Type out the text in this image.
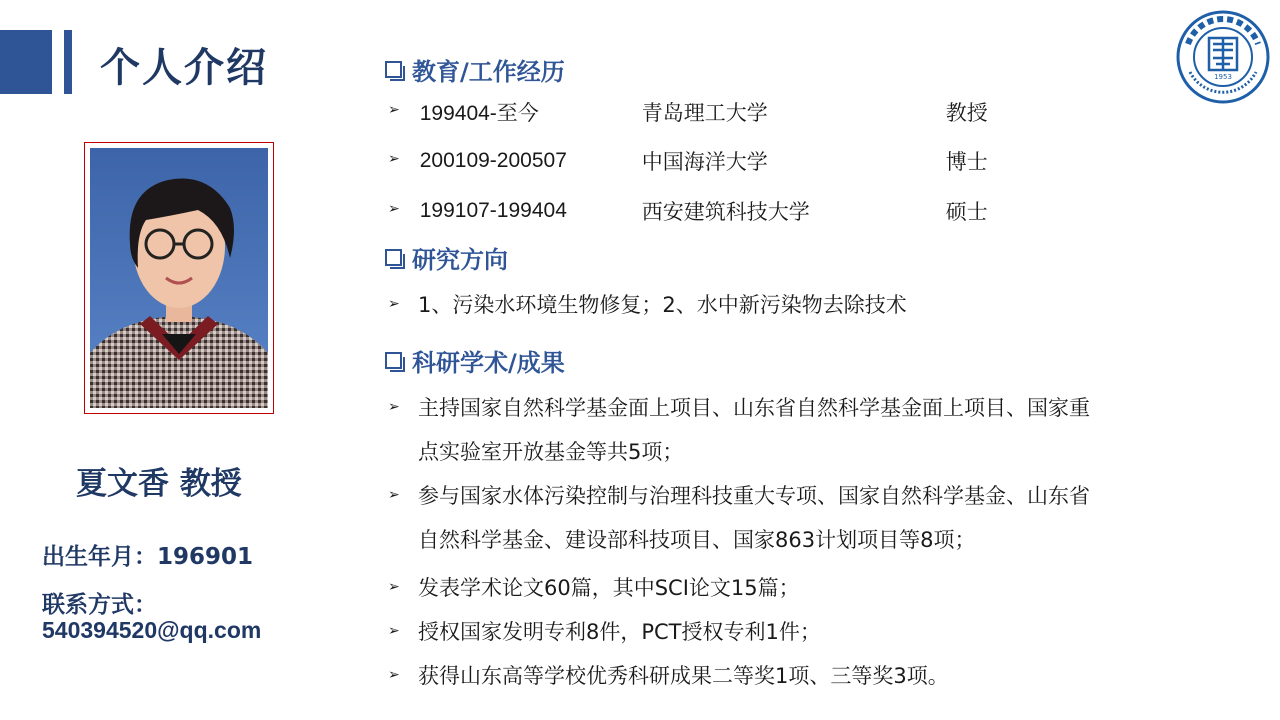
个人介绍	1953
夏文香 教授
出生年月：196901
联系方式：
540394520@qq.com
教育/工作经历
➢ 199404-至今	青岛理工大学	教授
➢ 200109-200507	中国海洋大学	博士
➢ 199107-199404	西安建筑科技大学	硕士
研究方向
➢ 1、污染水环境生物修复；2、水中新污染物去除技术
科研学术/成果
➢ 主持国家自然科学基金面上项目、山东省自然科学基金面上项目、国家重
点实验室开放基金等共5项；
➢ 参与国家水体污染控制与治理科技重大专项、国家自然科学基金、山东省
自然科学基金、建设部科技项目、国家863计划项目等8项；
➢ 发表学术论文60篇，其中SCI论文15篇；
➢ 授权国家发明专利8件，PCT授权专利1件；
➢ 获得山东高等学校优秀科研成果二等奖1项、三等奖3项。
